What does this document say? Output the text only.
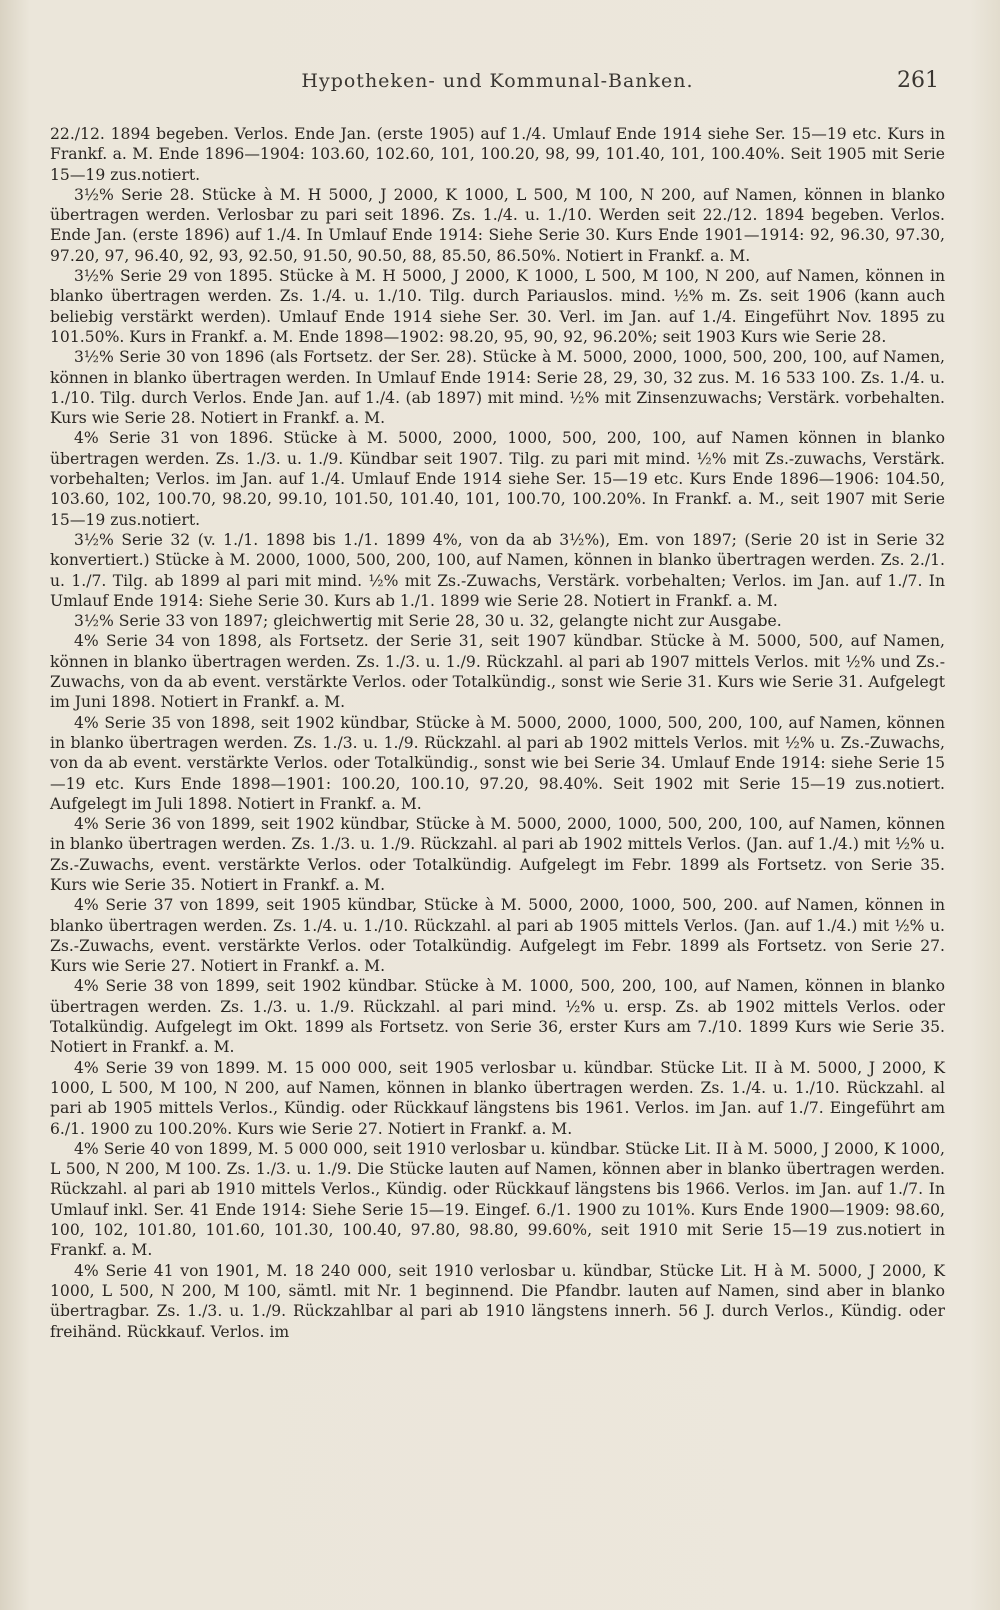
Hypotheken- und Kommunal-Banken.	261

22./12. 1894 begeben. Verlos. Ende Jan. (erste 1905) auf 1./4. Umlauf Ende 1914 siehe Ser. 15—19 etc. Kurs in Frankf. a. M. Ende 1896—1904: 103.60, 102.60, 101, 100.20, 98, 99, 101.40, 101, 100.40%. Seit 1905 mit Serie 15—19 zus.notiert.

3½% Serie 28. Stücke à M. H 5000, J 2000, K 1000, L 500, M 100, N 200, auf Namen, können in blanko übertragen werden. Verlosbar zu pari seit 1896. Zs. 1./4. u. 1./10. Werden seit 22./12. 1894 begeben. Verlos. Ende Jan. (erste 1896) auf 1./4. In Umlauf Ende 1914: Siehe Serie 30. Kurs Ende 1901—1914: 92, 96.30, 97.30, 97.20, 97, 96.40, 92, 93, 92.50, 91.50, 90.50, 88, 85.50, 86.50%. Notiert in Frankf. a. M.

3½% Serie 29 von 1895. Stücke à M. H 5000, J 2000, K 1000, L 500, M 100, N 200, auf Namen, können in blanko übertragen werden. Zs. 1./4. u. 1./10. Tilg. durch Pariauslos. mind. ½% m. Zs. seit 1906 (kann auch beliebig verstärkt werden). Umlauf Ende 1914 siehe Ser. 30. Verl. im Jan. auf 1./4. Eingeführt Nov. 1895 zu 101.50%. Kurs in Frankf. a. M. Ende 1898—1902: 98.20, 95, 90, 92, 96.20%; seit 1903 Kurs wie Serie 28.

3½% Serie 30 von 1896 (als Fortsetz. der Ser. 28). Stücke à M. 5000, 2000, 1000, 500, 200, 100, auf Namen, können in blanko übertragen werden. In Umlauf Ende 1914: Serie 28, 29, 30, 32 zus. M. 16 533 100. Zs. 1./4. u. 1./10. Tilg. durch Verlos. Ende Jan. auf 1./4. (ab 1897) mit mind. ½% mit Zinsenzuwachs; Verstärk. vorbehalten. Kurs wie Serie 28. Notiert in Frankf. a. M.

4% Serie 31 von 1896. Stücke à M. 5000, 2000, 1000, 500, 200, 100, auf Namen können in blanko übertragen werden. Zs. 1./3. u. 1./9. Kündbar seit 1907. Tilg. zu pari mit mind. ½% mit Zs.-zuwachs, Verstärk. vorbehalten; Verlos. im Jan. auf 1./4. Umlauf Ende 1914 siehe Ser. 15—19 etc. Kurs Ende 1896—1906: 104.50, 103.60, 102, 100.70, 98.20, 99.10, 101.50, 101.40, 101, 100.70, 100.20%. In Frankf. a. M., seit 1907 mit Serie 15—19 zus.notiert.

3½% Serie 32 (v. 1./1. 1898 bis 1./1. 1899 4%, von da ab 3½%), Em. von 1897; (Serie 20 ist in Serie 32 konvertiert.) Stücke à M. 2000, 1000, 500, 200, 100, auf Namen, können in blanko übertragen werden. Zs. 2./1. u. 1./7. Tilg. ab 1899 al pari mit mind. ½% mit Zs.-Zuwachs, Verstärk. vorbehalten; Verlos. im Jan. auf 1./7. In Umlauf Ende 1914: Siehe Serie 30. Kurs ab 1./1. 1899 wie Serie 28. Notiert in Frankf. a. M.

3½% Serie 33 von 1897; gleichwertig mit Serie 28, 30 u. 32, gelangte nicht zur Ausgabe.

4% Serie 34 von 1898, als Fortsetz. der Serie 31, seit 1907 kündbar. Stücke à M. 5000, 500, auf Namen, können in blanko übertragen werden. Zs. 1./3. u. 1./9. Rückzahl. al pari ab 1907 mittels Verlos. mit ½% und Zs.-Zuwachs, von da ab event. verstärkte Verlos. oder Totalkündig., sonst wie Serie 31. Kurs wie Serie 31. Aufgelegt im Juni 1898. Notiert in Frankf. a. M.

4% Serie 35 von 1898, seit 1902 kündbar, Stücke à M. 5000, 2000, 1000, 500, 200, 100, auf Namen, können in blanko übertragen werden. Zs. 1./3. u. 1./9. Rückzahl. al pari ab 1902 mittels Verlos. mit ½% u. Zs.-Zuwachs, von da ab event. verstärkte Verlos. oder Totalkündig., sonst wie bei Serie 34. Umlauf Ende 1914: siehe Serie 15—19 etc. Kurs Ende 1898—1901: 100.20, 100.10, 97.20, 98.40%. Seit 1902 mit Serie 15—19 zus.notiert. Aufgelegt im Juli 1898. Notiert in Frankf. a. M.

4% Serie 36 von 1899, seit 1902 kündbar, Stücke à M. 5000, 2000, 1000, 500, 200, 100, auf Namen, können in blanko übertragen werden. Zs. 1./3. u. 1./9. Rückzahl. al pari ab 1902 mittels Verlos. (Jan. auf 1./4.) mit ½% u. Zs.-Zuwachs, event. verstärkte Verlos. oder Totalkündig. Aufgelegt im Febr. 1899 als Fortsetz. von Serie 35. Kurs wie Serie 35. Notiert in Frankf. a. M.

4% Serie 37 von 1899, seit 1905 kündbar, Stücke à M. 5000, 2000, 1000, 500, 200. auf Namen, können in blanko übertragen werden. Zs. 1./4. u. 1./10. Rückzahl. al pari ab 1905 mittels Verlos. (Jan. auf 1./4.) mit ½% u. Zs.-Zuwachs, event. verstärkte Verlos. oder Totalkündig. Aufgelegt im Febr. 1899 als Fortsetz. von Serie 27. Kurs wie Serie 27. Notiert in Frankf. a. M.

4% Serie 38 von 1899, seit 1902 kündbar. Stücke à M. 1000, 500, 200, 100, auf Namen, können in blanko übertragen werden. Zs. 1./3. u. 1./9. Rückzahl. al pari mind. ½% u. ersp. Zs. ab 1902 mittels Verlos. oder Totalkündig. Aufgelegt im Okt. 1899 als Fortsetz. von Serie 36, erster Kurs am 7./10. 1899 Kurs wie Serie 35. Notiert in Frankf. a. M.

4% Serie 39 von 1899. M. 15 000 000, seit 1905 verlosbar u. kündbar. Stücke Lit. II à M. 5000, J 2000, K 1000, L 500, M 100, N 200, auf Namen, können in blanko übertragen werden. Zs. 1./4. u. 1./10. Rückzahl. al pari ab 1905 mittels Verlos., Kündig. oder Rückkauf längstens bis 1961. Verlos. im Jan. auf 1./7. Eingeführt am 6./1. 1900 zu 100.20%. Kurs wie Serie 27. Notiert in Frankf. a. M.

4% Serie 40 von 1899, M. 5 000 000, seit 1910 verlosbar u. kündbar. Stücke Lit. II à M. 5000, J 2000, K 1000, L 500, N 200, M 100. Zs. 1./3. u. 1./9. Die Stücke lauten auf Namen, können aber in blanko übertragen werden. Rückzahl. al pari ab 1910 mittels Verlos., Kündig. oder Rückkauf längstens bis 1966. Verlos. im Jan. auf 1./7. In Umlauf inkl. Ser. 41 Ende 1914: Siehe Serie 15—19. Eingef. 6./1. 1900 zu 101%. Kurs Ende 1900—1909: 98.60, 100, 102, 101.80, 101.60, 101.30, 100.40, 97.80, 98.80, 99.60%, seit 1910 mit Serie 15—19 zus.notiert in Frankf. a. M.

4% Serie 41 von 1901, M. 18 240 000, seit 1910 verlosbar u. kündbar, Stücke Lit. H à M. 5000, J 2000, K 1000, L 500, N 200, M 100, sämtl. mit Nr. 1 beginnend. Die Pfandbr. lauten auf Namen, sind aber in blanko übertragbar. Zs. 1./3. u. 1./9. Rückzahlbar al pari ab 1910 längstens innerh. 56 J. durch Verlos., Kündig. oder freihänd. Rückkauf. Verlos. im
